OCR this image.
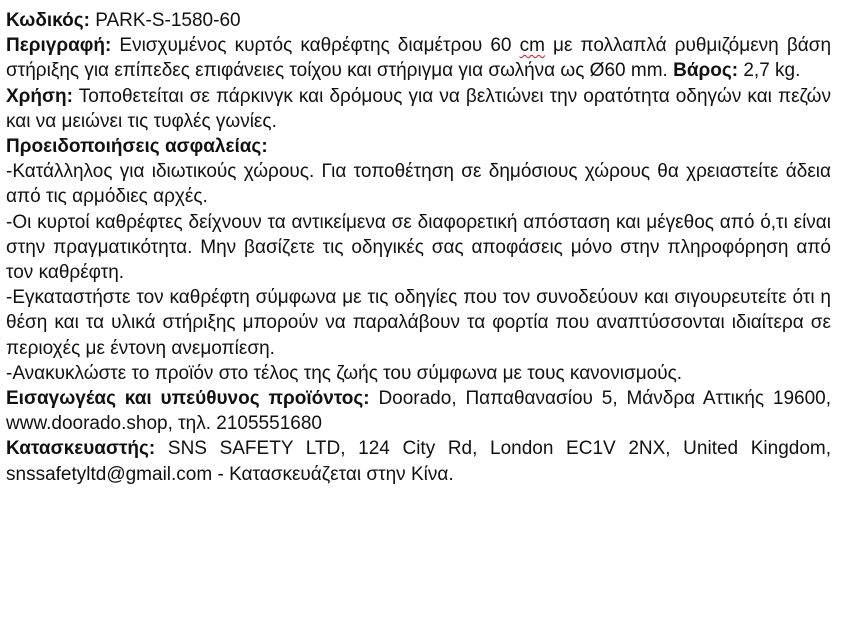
Κωδικός: PARK-S-1580-60

Περιγραφή: Ενισχυμένος κυρτός καθρέφτης διαμέτρου 60 cm με πολλαπλά ρυθμιζόμενη βάση στήριξης για επίπεδες επιφάνειες τοίχου και στήριγμα για σωλήνα ως Ø60 mm. Βάρος: 2,7 kg.

Χρήση: Τοποθετείται σε πάρκινγκ και δρόμους για να βελτιώνει την ορατότητα οδηγών και πεζών και να μειώνει τις τυφλές γωνίες.

Προειδοποιήσεις ασφαλείας:

-Κατάλληλος για ιδιωτικούς χώρους. Για τοποθέτηση σε δημόσιους χώρους θα χρειαστείτε άδεια από τις αρμόδιες αρχές.

-Οι κυρτοί καθρέφτες δείχνουν τα αντικείμενα σε διαφορετική απόσταση και μέγεθος από ό,τι είναι στην πραγματικότητα. Μην βασίζετε τις οδηγικές σας αποφάσεις μόνο στην πληροφόρηση από τον καθρέφτη.

-Εγκαταστήστε τον καθρέφτη σύμφωνα με τις οδηγίες που τον συνοδεύουν και σιγουρευτείτε ότι η θέση και τα υλικά στήριξης μπορούν να παραλάβουν τα φορτία που αναπτύσσονται ιδιαίτερα σε περιοχές με έντονη ανεμοπίεση.

-Ανακυκλώστε το προϊόν στο τέλος της ζωής του σύμφωνα με τους κανονισμούς.

Εισαγωγέας και υπεύθυνος προϊόντος: Doorado, Παπαθανασίου 5, Μάνδρα Αττικής 19600, www.doorado.shop, τηλ. 2105551680

Κατασκευαστής: SNS SAFETY LTD, 124 City Rd, London EC1V 2NX, United Kingdom, snssafetyltd@gmail.com - Κατασκευάζεται στην Κίνα.
